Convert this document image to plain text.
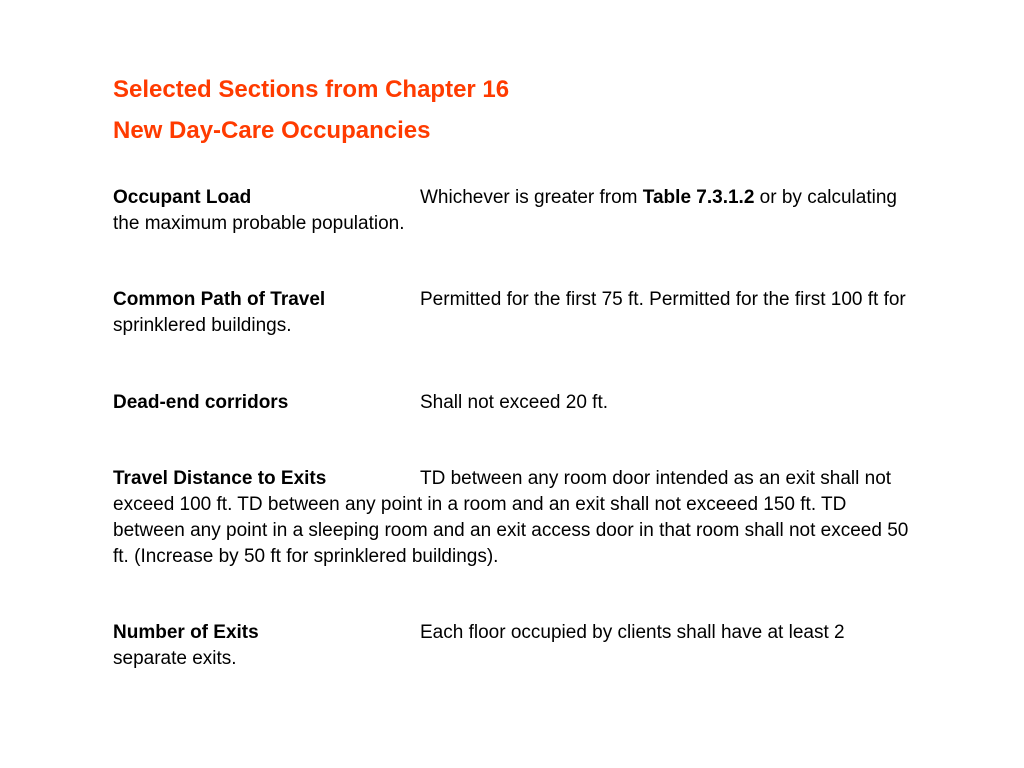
Selected Sections from Chapter 16
New Day-Care Occupancies

Occupant Load	Whichever is greater from Table 7.3.1.2 or by calculating the maximum probable population.

Common Path of Travel	Permitted for the first 75 ft. Permitted for the first 100 ft for sprinklered buildings.

Dead-end corridors	Shall not exceed 20 ft.

Travel Distance to Exits	TD between any room door intended as an exit shall not exceed 100 ft. TD between any point in a room and an exit shall not exceeed 150 ft. TD between any point in a sleeping room and an exit access door in that room shall not exceed 50 ft. (Increase by 50 ft for sprinklered buildings).

Number of Exits	Each floor occupied by clients shall have at least 2 separate exits.
